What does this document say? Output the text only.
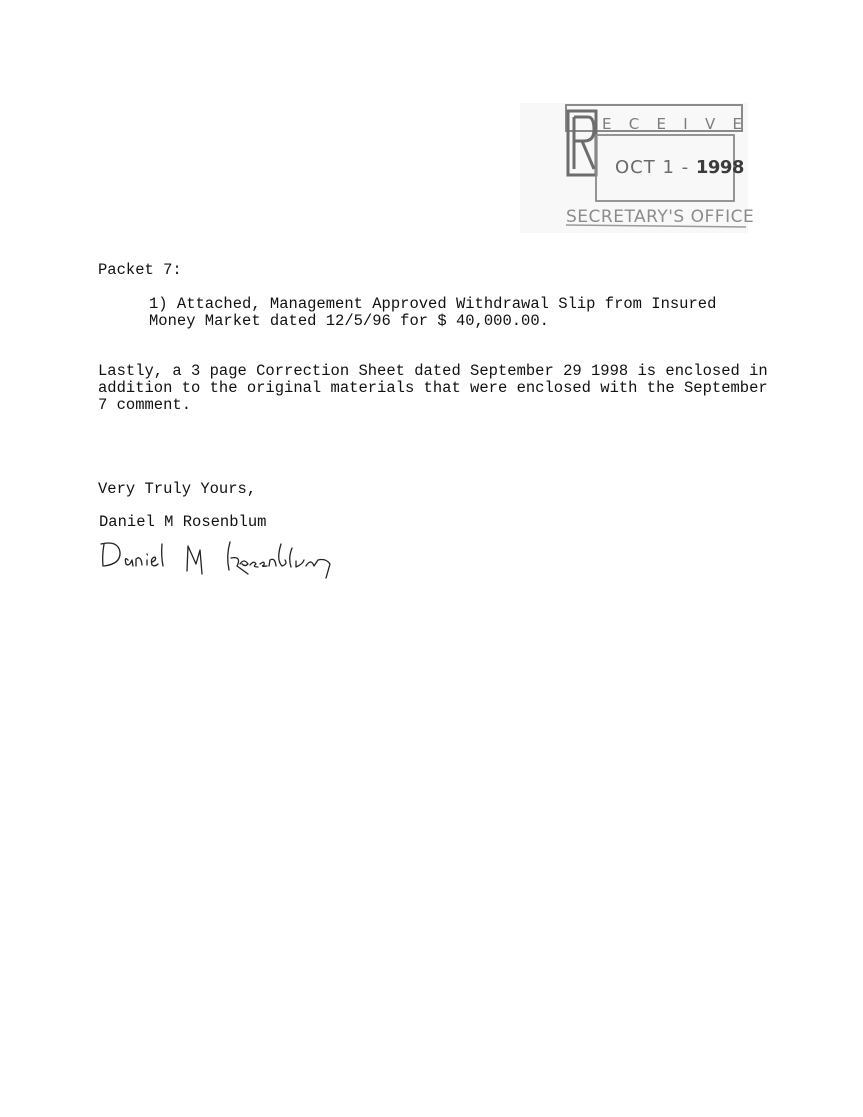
E C E I V E
OCT 1 - 1998
SECRETARY'S OFFICE

Packet 7:

1) Attached, Management Approved Withdrawal Slip from Insured

Money Market dated 12/5/96 for $ 40,000.00.

Lastly, a 3 page Correction Sheet dated September 29 1998 is enclosed in

addition to the original materials that were enclosed with the September

7 comment.

Very Truly Yours,

Daniel M Rosenblum
